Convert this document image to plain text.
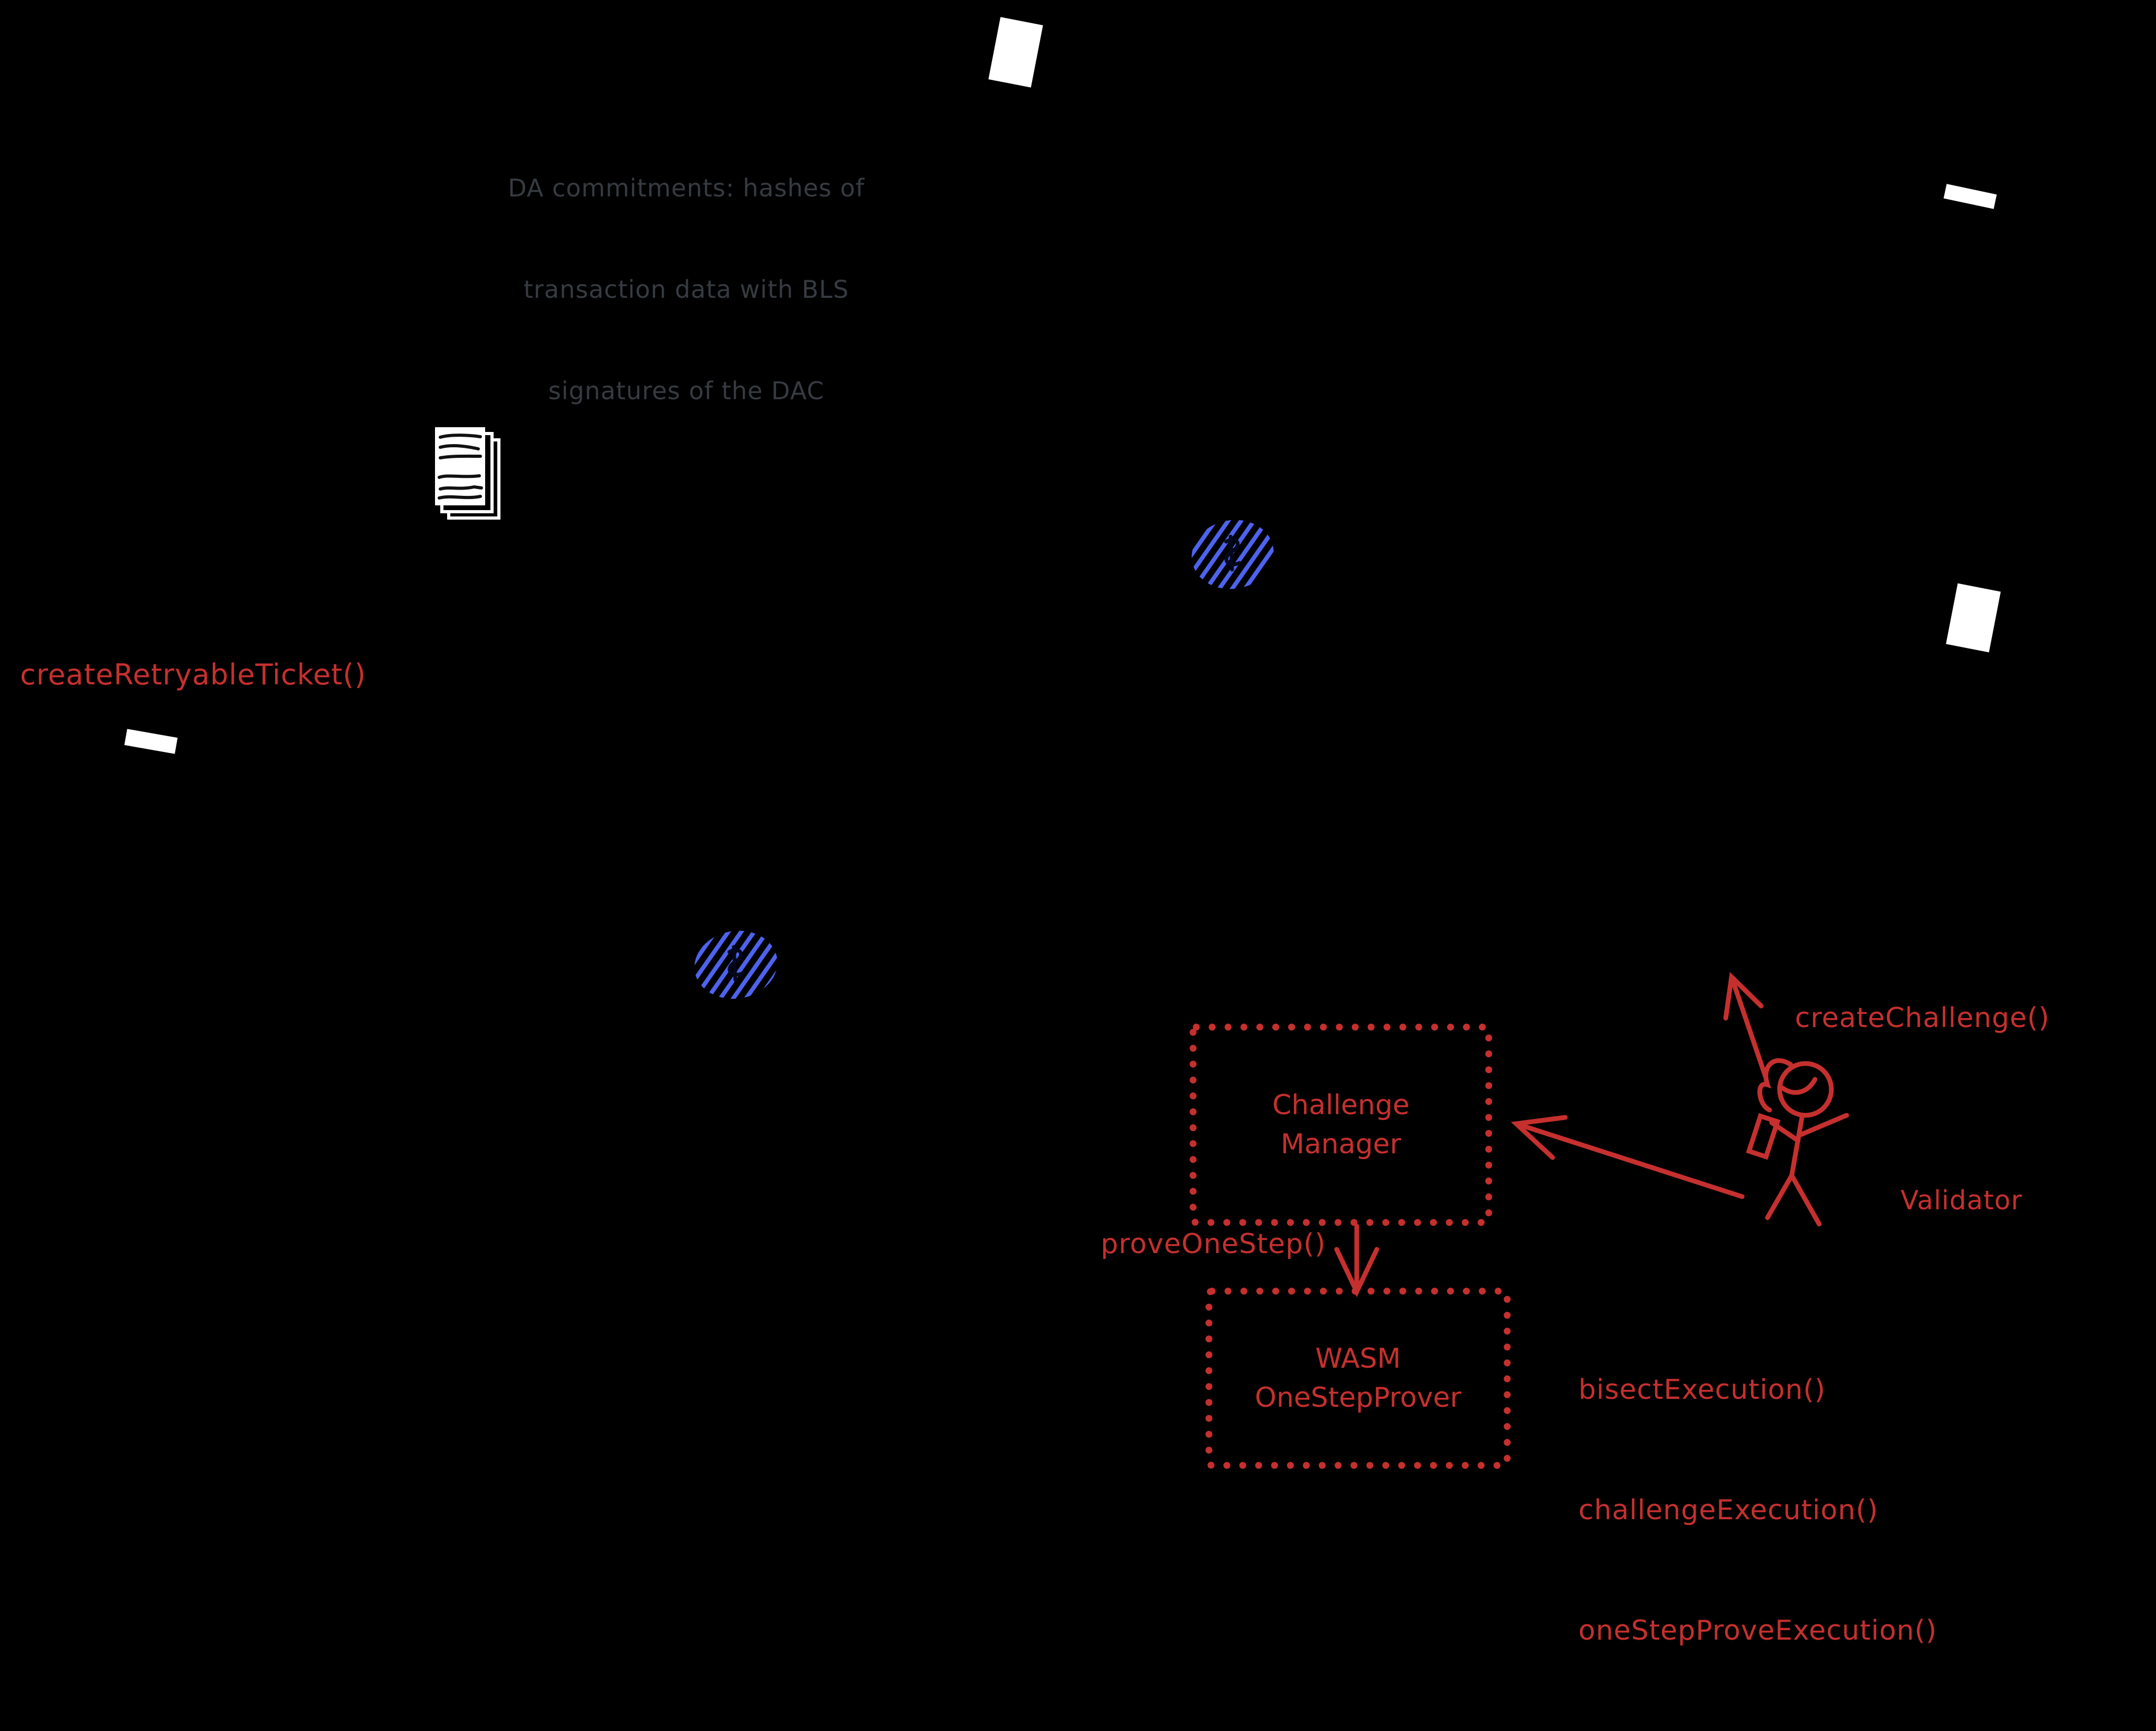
DA commitments: hashes of

transaction data with BLS

signatures of the DAC

createRetryableTicket()
Challenge
Manager
proveOneStep()
WASM
OneStepProver

	bisectExecution()

challengeExecution()

oneStepProveExecution()

createChallenge()
Validator
